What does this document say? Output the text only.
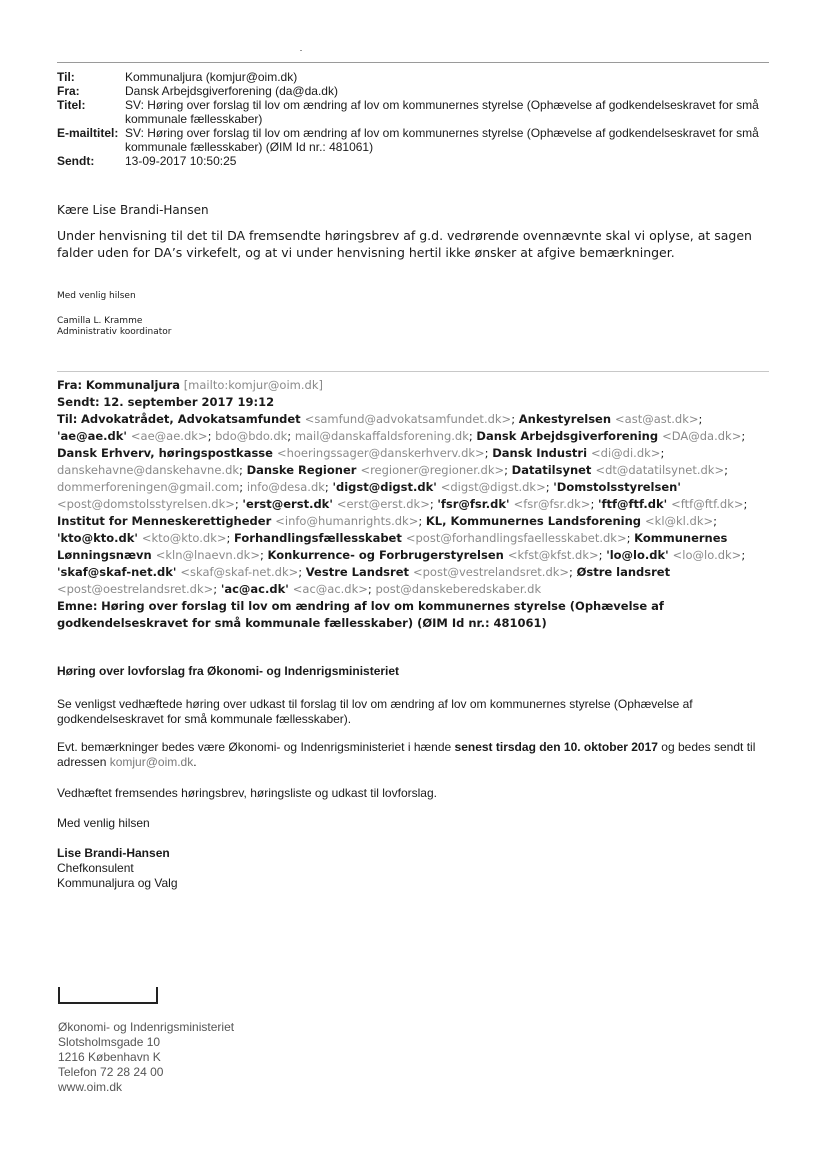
Til:	Kommunaljura (komjur@oim.dk)
Fra:	Dansk Arbejdsgiverforening (da@da.dk)
Titel:	SV: Høring over forslag til lov om ændring af lov om kommunernes styrelse (Ophævelse af godkendelseskravet for små kommunale fællesskaber)
E-mailtitel: SV: Høring over forslag til lov om ændring af lov om kommunernes styrelse (Ophævelse af godkendelseskravet for små kommunale fællesskaber) (ØIM Id nr.: 481061)
Sendt:	13-09-2017 10:50:25
Kære Lise Brandi-Hansen
Under henvisning til det til DA fremsendte høringsbrev af g.d. vedrørende ovennævnte skal vi oplyse, at sagen falder uden for DA’s virkefelt, og at vi under henvisning hertil ikke ønsker at afgive bemærkninger.
Med venlig hilsen
Camilla L. Kramme
Administrativ koordinator
Fra: Kommunaljura [mailto:komjur@oim.dk]
Sendt: 12. september 2017 19:12
Til: Advokatrådet, Advokatsamfundet <samfund@advokatsamfundet.dk>; Ankestyrelsen <ast@ast.dk>; 'ae@ae.dk' <ae@ae.dk>; bdo@bdo.dk; mail@danskaffaldsforening.dk; Dansk Arbejdsgiverforening <DA@da.dk>; Dansk Erhverv, høringspostkasse <hoeringssager@danskerhverv.dk>; Dansk Industri <di@di.dk>; danskehavne@danskehavne.dk; Danske Regioner <regioner@regioner.dk>; Datatilsynet <dt@datatilsynet.dk>; dommerforeningen@gmail.com; info@desa.dk; 'digst@digst.dk' <digst@digst.dk>; 'Domstolsstyrelsen' <post@domstolsstyrelsen.dk>; 'erst@erst.dk' <erst@erst.dk>; 'fsr@fsr.dk' <fsr@fsr.dk>; 'ftf@ftf.dk' <ftf@ftf.dk>; Institut for Menneskerettigheder <info@humanrights.dk>; KL, Kommunernes Landsforening <kl@kl.dk>; 'kto@kto.dk' <kto@kto.dk>; Forhandlingsfællesskabet <post@forhandlingsfaellesskabet.dk>; Kommunernes Lønningsnævn <kln@lnaevn.dk>; Konkurrence- og Forbrugerstyrelsen <kfst@kfst.dk>; 'lo@lo.dk' <lo@lo.dk>; 'skaf@skaf-net.dk' <skaf@skaf-net.dk>; Vestre Landsret <post@vestrelandsret.dk>; Østre landsret <post@oestrelandsret.dk>; 'ac@ac.dk' <ac@ac.dk>; post@danskeberedskaber.dk
Emne: Høring over forslag til lov om ændring af lov om kommunernes styrelse (Ophævelse af godkendelseskravet for små kommunale fællesskaber) (ØIM Id nr.: 481061)
Høring over lovforslag fra Økonomi- og Indenrigsministeriet
Se venligst vedhæftede høring over udkast til forslag til lov om ændring af lov om kommunernes styrelse (Ophævelse af godkendelseskravet for små kommunale fællesskaber).
Evt. bemærkninger bedes være Økonomi- og Indenrigsministeriet i hænde senest tirsdag den 10. oktober 2017 og bedes sendt til adressen komjur@oim.dk.
Vedhæftet fremsendes høringsbrev, høringsliste og udkast til lovforslag.
Med venlig hilsen
Lise Brandi-Hansen
Chefkonsulent
Kommunaljura og Valg
Økonomi- og Indenrigsministeriet
Slotsholmsgade 10
1216 København K
Telefon 72 28 24 00
www.oim.dk
